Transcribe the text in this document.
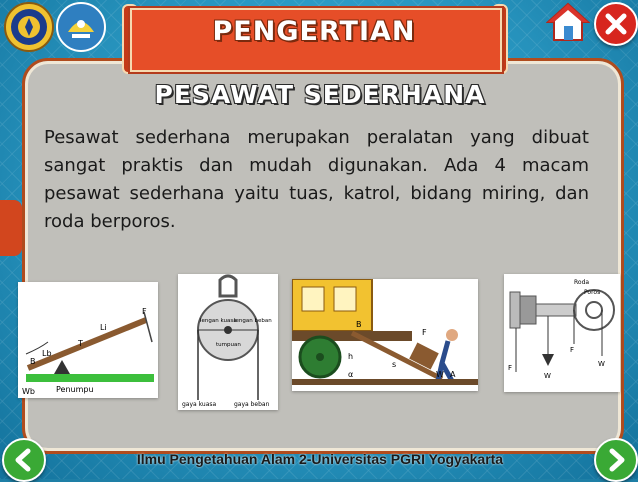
PENGERTIAN
PESAWAT SEDERHANA
Pesawat sederhana merupakan peralatan yang dibuat sangat praktis dan mudah digunakan. Ada 4 macam pesawat sederhana yaitu tuas, katrol, bidang miring, dan roda berporos.
B
F
Li
Lb
T
Wb	Penumpu
lengan kuasa
lengan beban
tumpuan
gaya kuasa	gaya beban
B
F
s
h
A
W
α
Roda
Poros
F
W
F
W
Ilmu Pengetahuan Alam 2-Universitas PGRI Yogyakarta
